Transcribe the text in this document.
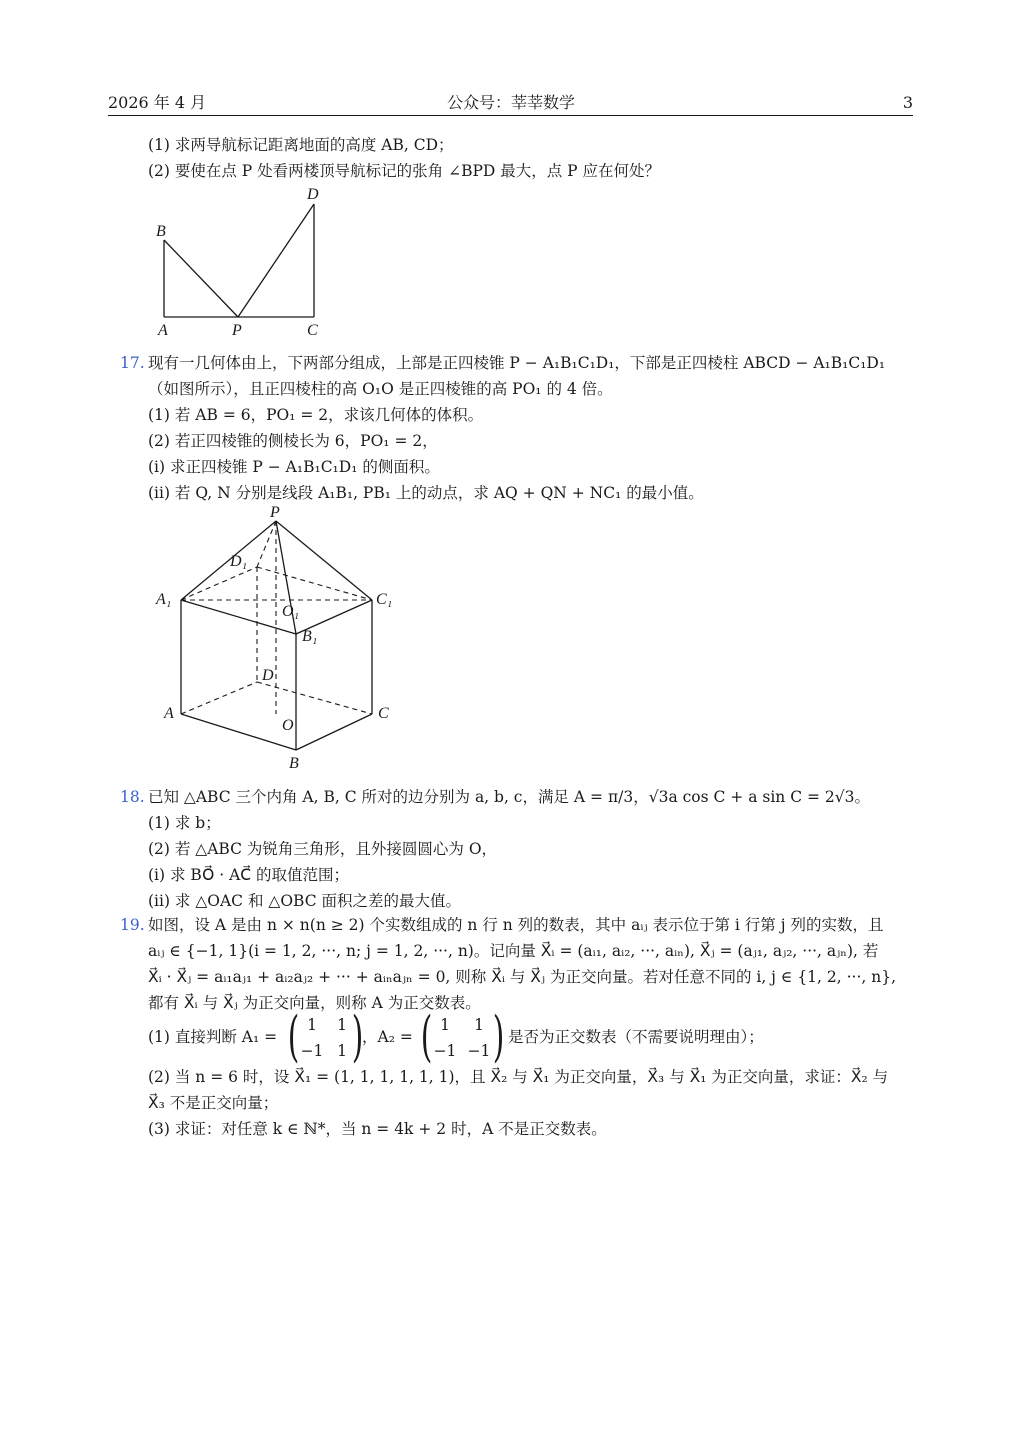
2026 年 4 月	公众号：莘莘数学	3
(1) 求两导航标记距离地面的高度 AB, CD；
(2) 要使在点 P 处看两楼顶导航标记的张角 ∠BPD 最大，点 P 应在何处？
B
D
A	P	C
17. 现有一几何体由上，下两部分组成，上部是正四棱锥 P − A₁B₁C₁D₁，下部是正四棱柱 ABCD − A₁B₁C₁D₁
（如图所示），且正四棱柱的高 O₁O 是正四棱锥的高 PO₁ 的 4 倍。
(1) 若 AB = 6，PO₁ = 2，求该几何体的体积。
(2) 若正四棱锥的侧棱长为 6，PO₁ = 2，
(i) 求正四棱锥 P − A₁B₁C₁D₁ 的侧面积。
(ii) 若 Q, N 分别是线段 A₁B₁, PB₁ 上的动点，求 AQ + QN + NC₁ 的最小值。
P
D₁
A₁	C₁
O₁
B₁
D
A	C
O
B
18. 已知 △ABC 三个内角 A, B, C 所对的边分别为 a, b, c，满足 A = π/3，√3a cos C + a sin C = 2√3。
(1) 求 b；
(2) 若 △ABC 为锐角三角形，且外接圆圆心为 O，
(i) 求 BO⃗ · AC⃗ 的取值范围；
(ii) 求 △OAC 和 △OBC 面积之差的最大值。
19. 如图，设 A 是由 n × n(n ≥ 2) 个实数组成的 n 行 n 列的数表，其中 aᵢⱼ 表示位于第 i 行第 j 列的实数，且
aᵢⱼ ∈ {−1, 1}(i = 1, 2, ···, n; j = 1, 2, ···, n)。记向量 X⃗ᵢ = (aᵢ₁, aᵢ₂, ···, aᵢₙ), X⃗ⱼ = (aⱼ₁, aⱼ₂, ···, aⱼₙ), 若
X⃗ᵢ · X⃗ⱼ = aᵢ₁aⱼ₁ + aᵢ₂aⱼ₂ + ··· + aᵢₙaⱼₙ = 0, 则称 X⃗ᵢ 与 X⃗ⱼ 为正交向量。若对任意不同的 i, j ∈ {1, 2, ···, n},
都有 X⃗ᵢ 与 X⃗ⱼ 为正交向量，则称 A 为正交数表。
(1) 直接判断 A₁ = ( 1	1
−1 1 )
，A₂ = ( 1	1
−1 −1 ) 是否为正交数表（不需要说明理由）；
(2) 当 n = 6 时，设 X⃗₁ = (1, 1, 1, 1, 1, 1)，且 X⃗₂ 与 X⃗₁ 为正交向量，X⃗₃ 与 X⃗₁ 为正交向量，求证：X⃗₂ 与
X⃗₃ 不是正交向量；
(3) 求证：对任意 k ∈ ℕ*，当 n = 4k + 2 时，A 不是正交数表。
